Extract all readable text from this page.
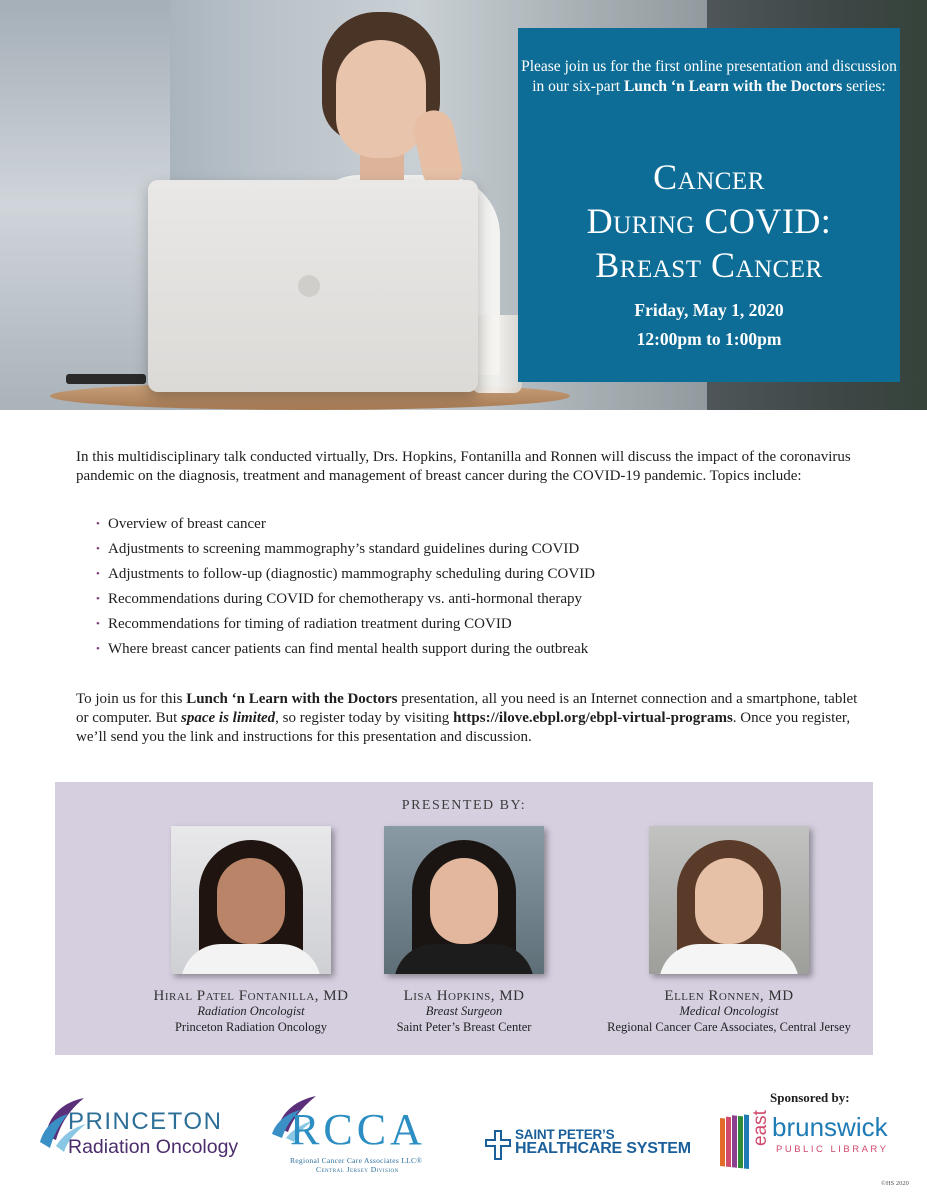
Please join us for the first online presentation and discussion in our six-part Lunch ‘n Learn with the Doctors series:
Cancer
During COVID:
Breast Cancer
Friday, May 1, 2020
12:00pm to 1:00pm

In this multidisciplinary talk conducted virtually, Drs. Hopkins, Fontanilla and Ronnen will discuss the impact of the coronavirus pandemic on the diagnosis, treatment and management of breast cancer during the COVID-19 pandemic. Topics include:

• Overview of breast cancer
• Adjustments to screening mammography’s standard guidelines during COVID
• Adjustments to follow-up (diagnostic) mammography scheduling during COVID
• Recommendations during COVID for chemotherapy vs. anti-hormonal therapy
• Recommendations for timing of radiation treatment during COVID
• Where breast cancer patients can find mental health support during the outbreak

To join us for this Lunch ‘n Learn with the Doctors presentation, all you need is an Internet connection and a smartphone, tablet or computer. But space is limited, so register today by visiting https://ilove.ebpl.org/ebpl-virtual-programs. Once you register, we’ll send you the link and instructions for this presentation and discussion.

PRESENTED BY:
Hiral Patel Fontanilla, MD
Radiation Oncologist
Princeton Radiation Oncology
Lisa Hopkins, MD
Breast Surgeon
Saint Peter’s Breast Center
Ellen Ronnen, MD
Medical Oncologist
Regional Cancer Care Associates, Central Jersey
Sponsored by:
PRINCETON
Radiation Oncology RCCA
Regional Cancer Care Associates LLC®
Central Jersey Division
SAINT PETER’S
HEALTHCARE SYSTEM
east brunswick
PUBLIC LIBRARY
©HS 2020
